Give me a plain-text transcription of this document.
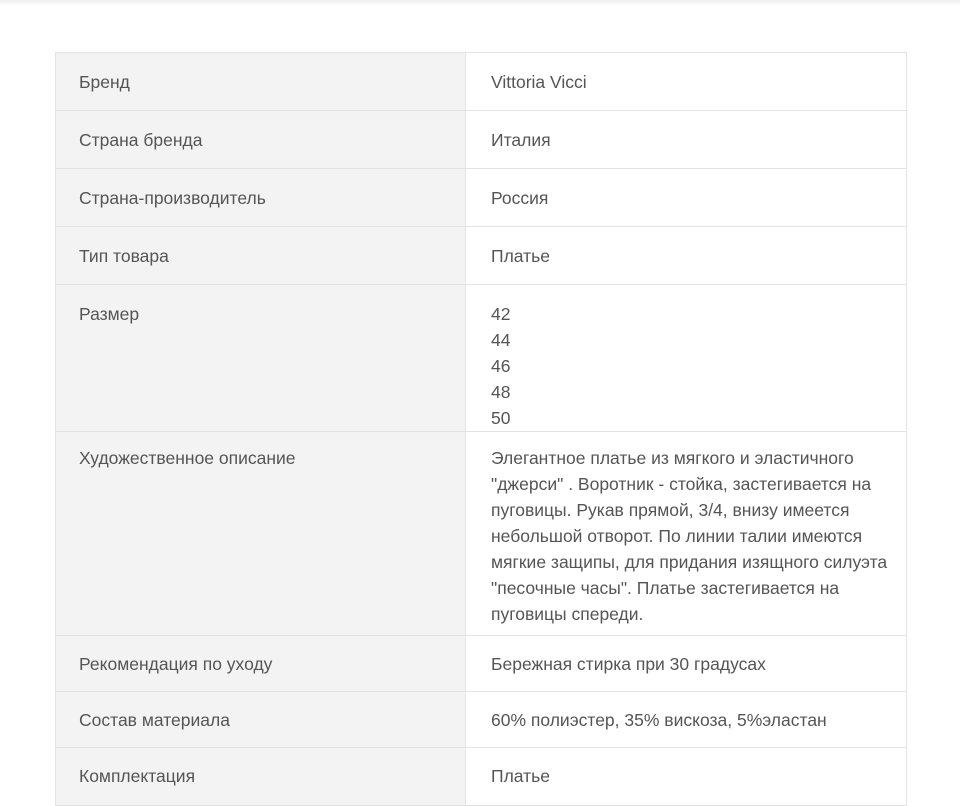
Бренд	Vittoria Vicci

Страна бренда	Италия

Страна-производитель	Россия

Тип товара	Платье

Размер	42
44
46
48
50

Художественное описание	Элегантное платье из мягкого и эластичного "джерси" . Воротник - стойка, застегивается на пуговицы. Рукав прямой, 3/4, внизу имеется небольшой отворот. По линии талии имеются мягкие защипы, для придания изящного силуэта "песочные часы". Платье застегивается на пуговицы спереди.

Рекомендация по уходу	Бережная стирка при 30 градусах

Состав материала	60% полиэстер, 35% вискоза, 5%эластан

Комплектация	Платье
